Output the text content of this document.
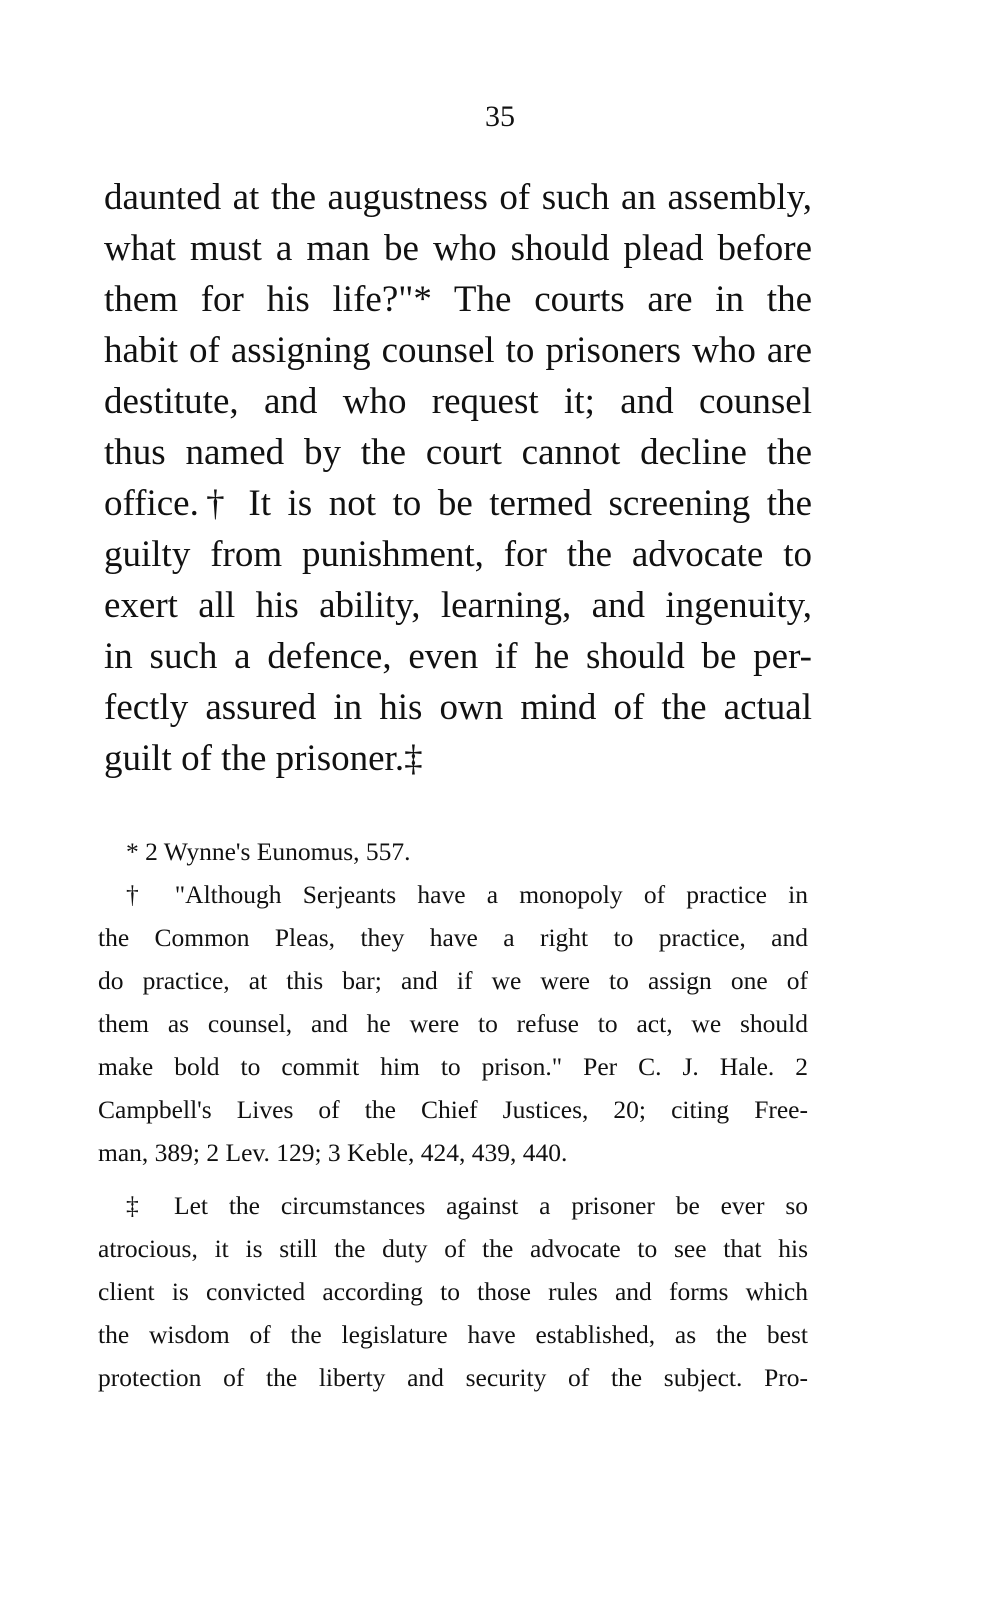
35
daunted at the augustness of such an assembly,
what must a man be who should plead before
them for his life?"* The courts are in the
habit of assigning counsel to prisoners who are
destitute, and who request it; and counsel
thus named by the court cannot decline the
office.† It is not to be termed screening the
guilty from punishment, for the advocate to
exert all his ability, learning, and ingenuity,
in such a defence, even if he should be per-
fectly assured in his own mind of the actual
guilt of the prisoner.‡
* 2 Wynne's Eunomus, 557.
† "Although Serjeants have a monopoly of practice in
the Common Pleas, they have a right to practice, and
do practice, at this bar; and if we were to assign one of
them as counsel, and he were to refuse to act, we should
make bold to commit him to prison." Per C. J. Hale. 2
Campbell's Lives of the Chief Justices, 20; citing Free-
man, 389; 2 Lev. 129; 3 Keble, 424, 439, 440.
‡ Let the circumstances against a prisoner be ever so
atrocious, it is still the duty of the advocate to see that his
client is convicted according to those rules and forms which
the wisdom of the legislature have established, as the best
protection of the liberty and security of the subject. Pro-
